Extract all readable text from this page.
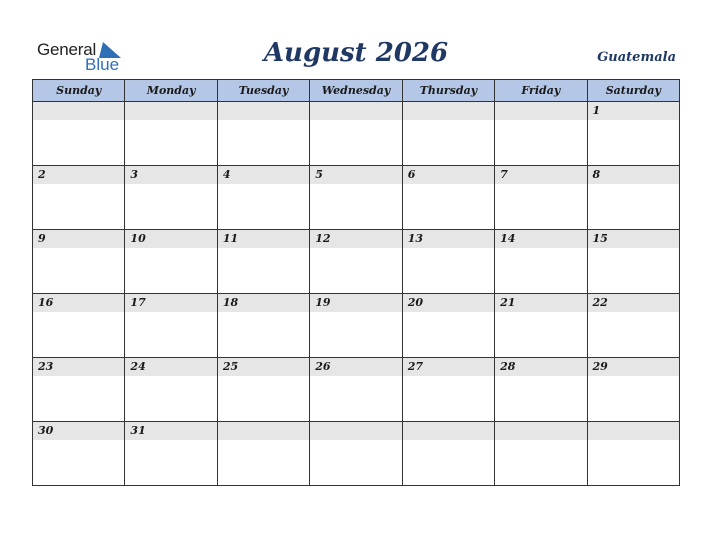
General
Blue	August 2026	Guatemala
Sunday	Monday	Tuesday	Wednesday	Thursday	Friday	Saturday

						1

2	3	4	5	6	7	8

9	10	11	12	13	14	15

16	17	18	19	20	21	22

23	24	25	26	27	28	29

30	31					
